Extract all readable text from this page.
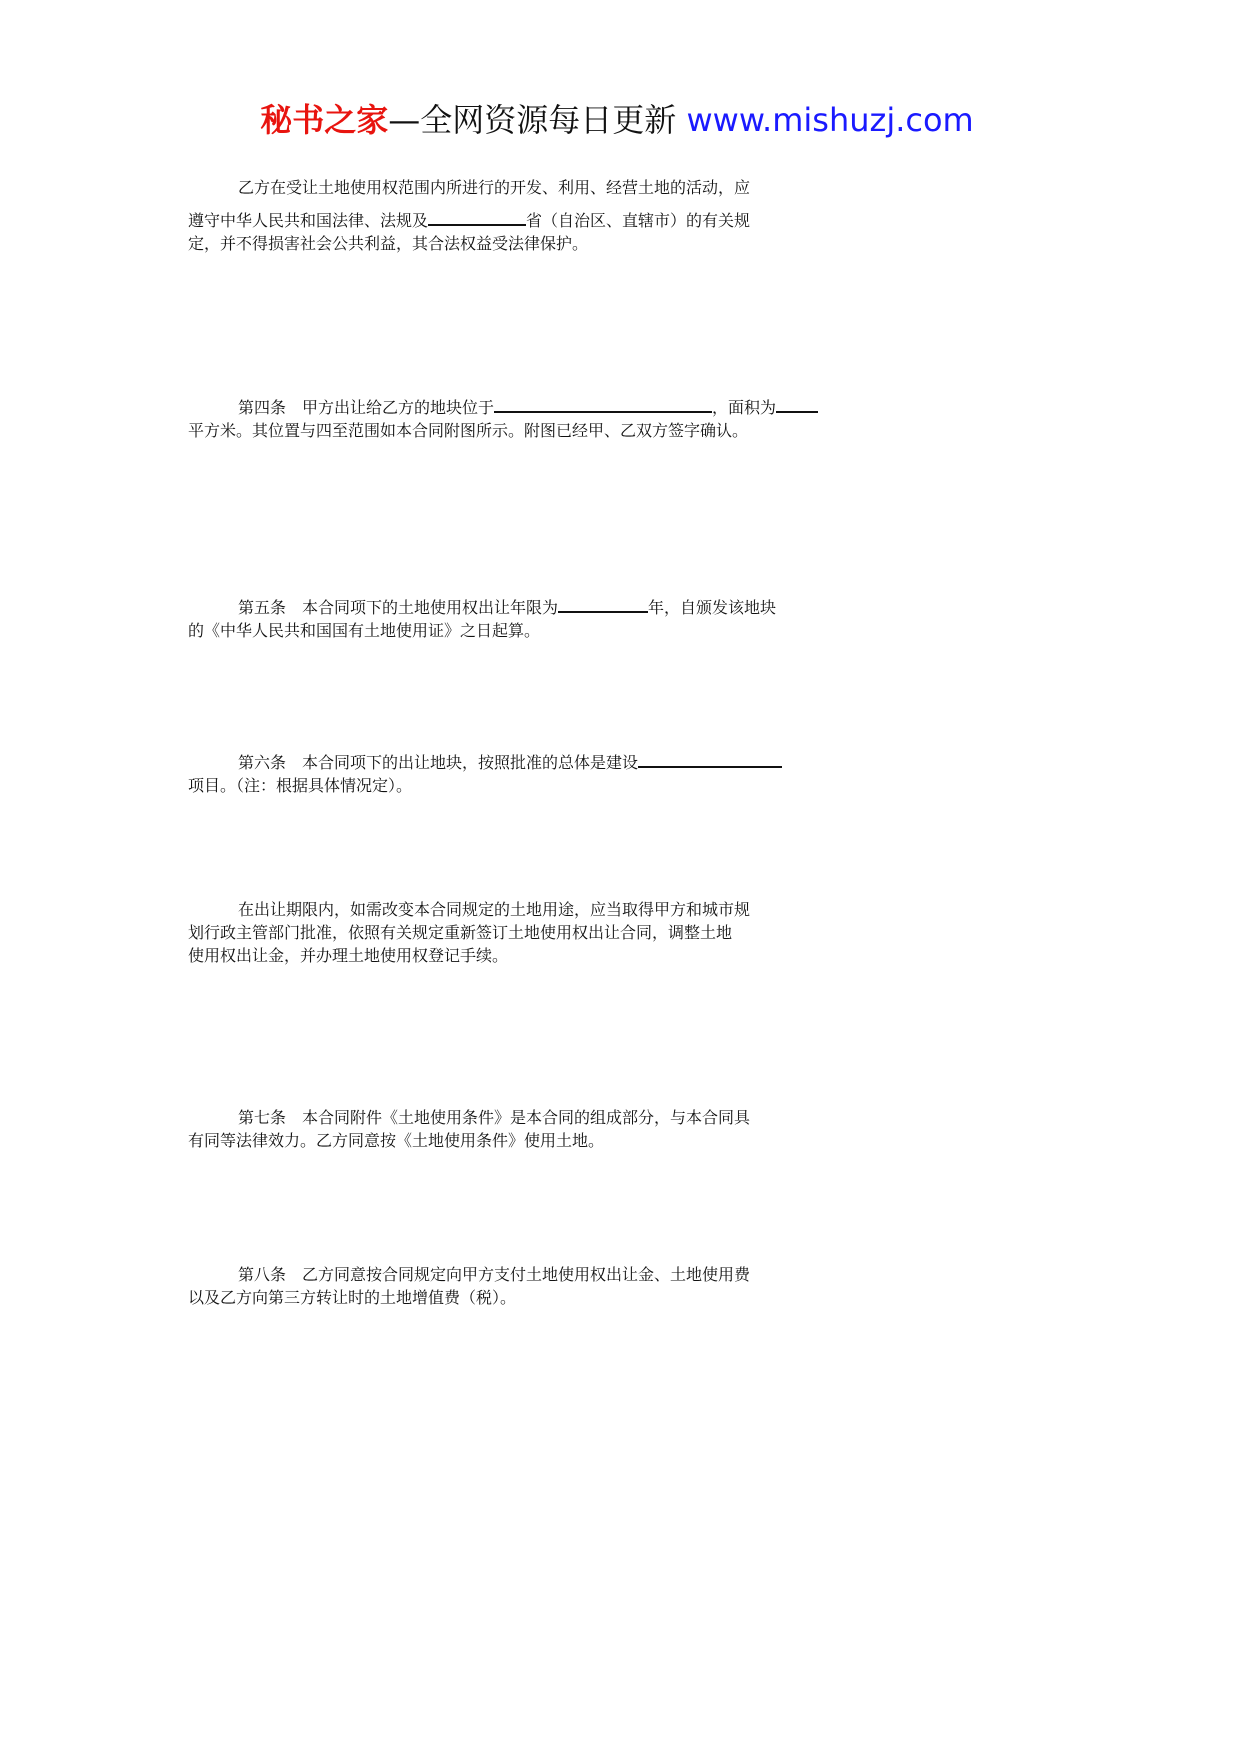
秘书之家—全网资源每日更新 www.mishuzj.com
乙方在受让土地使用权范围内所进行的开发、利用、经营土地的活动，应
遵守中华人民共和国法律、法规及	省（自治区、直辖市）的有关规
定，并不得损害社会公共利益，其合法权益受法律保护。
第四条　甲方出让给乙方的地块位于	，面积为
平方米。其位置与四至范围如本合同附图所示。附图已经甲、乙双方签字确认。
第五条　本合同项下的土地使用权出让年限为	年，自颁发该地块
的《中华人民共和国国有土地使用证》之日起算。
第六条　本合同项下的出让地块，按照批准的总体是建设
项目。（注：根据具体情况定）。
在出让期限内，如需改变本合同规定的土地用途，应当取得甲方和城市规
划行政主管部门批准，依照有关规定重新签订土地使用权出让合同，调整土地
使用权出让金，并办理土地使用权登记手续。
第七条　本合同附件《土地使用条件》是本合同的组成部分，与本合同具
有同等法律效力。乙方同意按《土地使用条件》使用土地。
第八条　乙方同意按合同规定向甲方支付土地使用权出让金、土地使用费
以及乙方向第三方转让时的土地增值费（税）。
